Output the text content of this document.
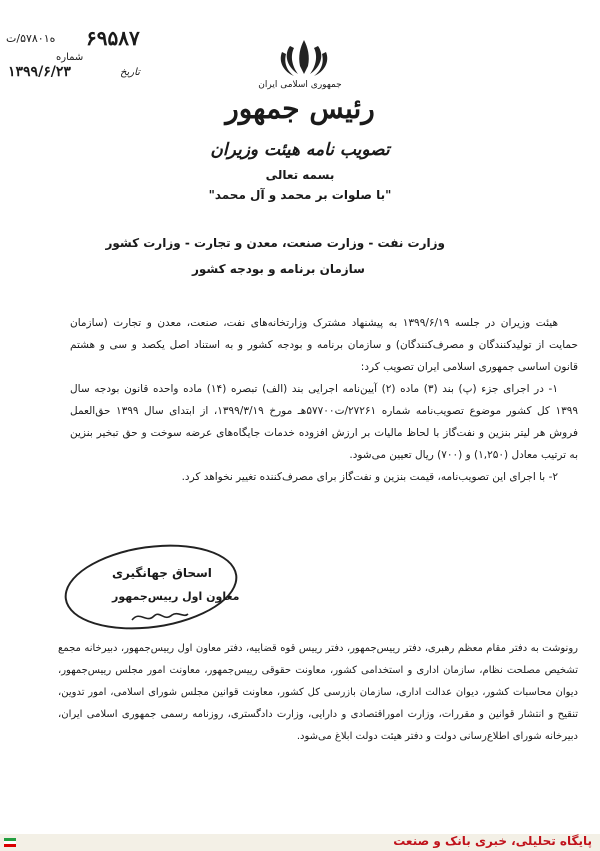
ه۵۷۸۰۱/ت ۶۹۵۸۷
شماره
تاریخ
۱۳۹۹/۶/۲۳
جمهوری اسلامی ایران
رئیس جمهور
تصویب نامه هیئت وزیران
بسمه تعالی
"با صلوات بر محمد و آل محمد"
وزارت نفت - وزارت صنعت، معدن و تجارت - وزارت کشور
سازمان برنامه و بودجه کشور

هیئت وزیران در جلسه ۱۳۹۹/۶/۱۹ به پیشنهاد مشترک وزارتخانه‌های نفت، صنعت، معدن و تجارت (سازمان حمایت از تولیدکنندگان و مصرف‌کنندگان) و سازمان برنامه و بودجه کشور و به استناد اصل یکصد و سی و هشتم قانون اساسی جمهوری اسلامی ایران تصویب کرد:

۱- در اجرای جزء (پ) بند (۳) ماده (۲) آیین‌نامه اجرایی بند (الف) تبصره (۱۴) ماده واحده قانون بودجه سال ۱۳۹۹ کل کشور موضوع تصویب‌نامه شماره ۲۷۲۶۱/ت۵۷۷۰۰هـ مورخ ۱۳۹۹/۳/۱۹، از ابتدای سال ۱۳۹۹ حق‌العمل فروش هر لیتر بنزین و نفت‌گاز با لحاظ مالیات بر ارزش افزوده خدمات جایگاه‌های عرضه سوخت و حق تبخیر بنزین به ترتیب معادل (۱,۲۵۰) و (۷۰۰) ریال تعیین می‌شود.

۲- با اجرای این تصویب‌نامه، قیمت بنزین و نفت‌گاز برای مصرف‌کننده تغییر نخواهد کرد.

اسحاق جهانگیری
معاون اول رییس‌جمهور
رونوشت به دفتر مقام معظم رهبری، دفتر رییس‌جمهور، دفتر رییس قوه قضاییه، دفتر معاون اول رییس‌جمهور، دبیرخانه مجمع تشخیص مصلحت نظام، سازمان اداری و استخدامی کشور، معاونت حقوقی رییس‌جمهور، معاونت امور مجلس رییس‌جمهور، دیوان محاسبات کشور، دیوان عدالت اداری، سازمان بازرسی کل کشور، معاونت قوانین مجلس شورای اسلامی، امور تدوین، تنقیح و انتشار قوانین و مقررات، وزارت اموراقتصادی و دارایی، وزارت دادگستری، روزنامه رسمی جمهوری اسلامی ایران، دبیرخانه شورای اطلاع‌رسانی دولت و دفتر هیئت دولت ابلاغ می‌شود.
پایگاه تحلیلی، خبری بانک و صنعت
